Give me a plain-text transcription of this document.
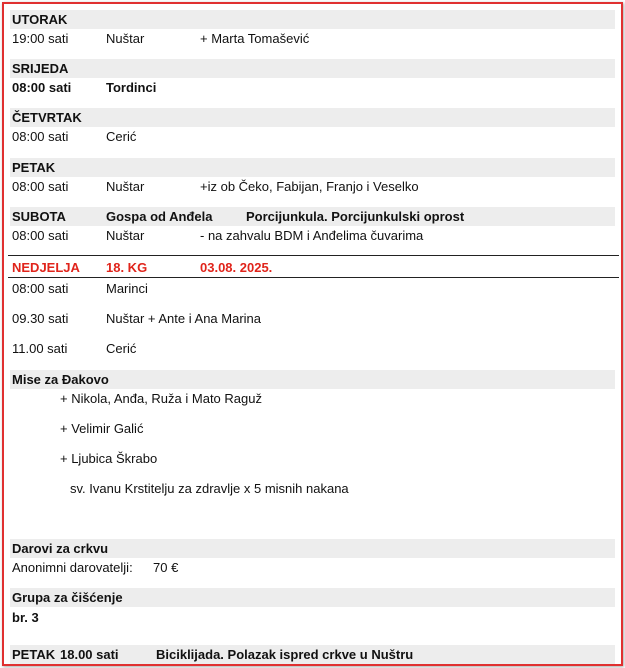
UTORAK
19:00 sati	Nuštar	+ Marta Tomašević
SRIJEDA
08:00 sati	Tordinci
ČETVRTAK
08:00 sati	Cerić
PETAK
08:00 sati	Nuštar	+iz ob Čeko, Fabijan, Franjo i Veselko
SUBOTA	Gospa od Anđela	Porcijunkula. Porcijunkulski oprost
08:00 sati	Nuštar	- na zahvalu BDM i Anđelima čuvarima
NEDJELJA 18. KG	03.08. 2025.
08:00 sati	Marinci
09.30 sati	Nuštar + Ante i Ana Marina
11.00 sati	Cerić
Mise za Đakovo
+ Nikola, Anđa, Ruža i Mato Raguž
+ Velimir Galić
+ Ljubica Škrabo
sv. Ivanu Krstitelju za zdravlje x 5 misnih nakana
Darovi za crkvu
Anonimni darovatelji: 70 €
Grupa za čišćenje
br. 3
PETAK 18.00 sati	Biciklijada. Polazak ispred crkve u Nuštru
